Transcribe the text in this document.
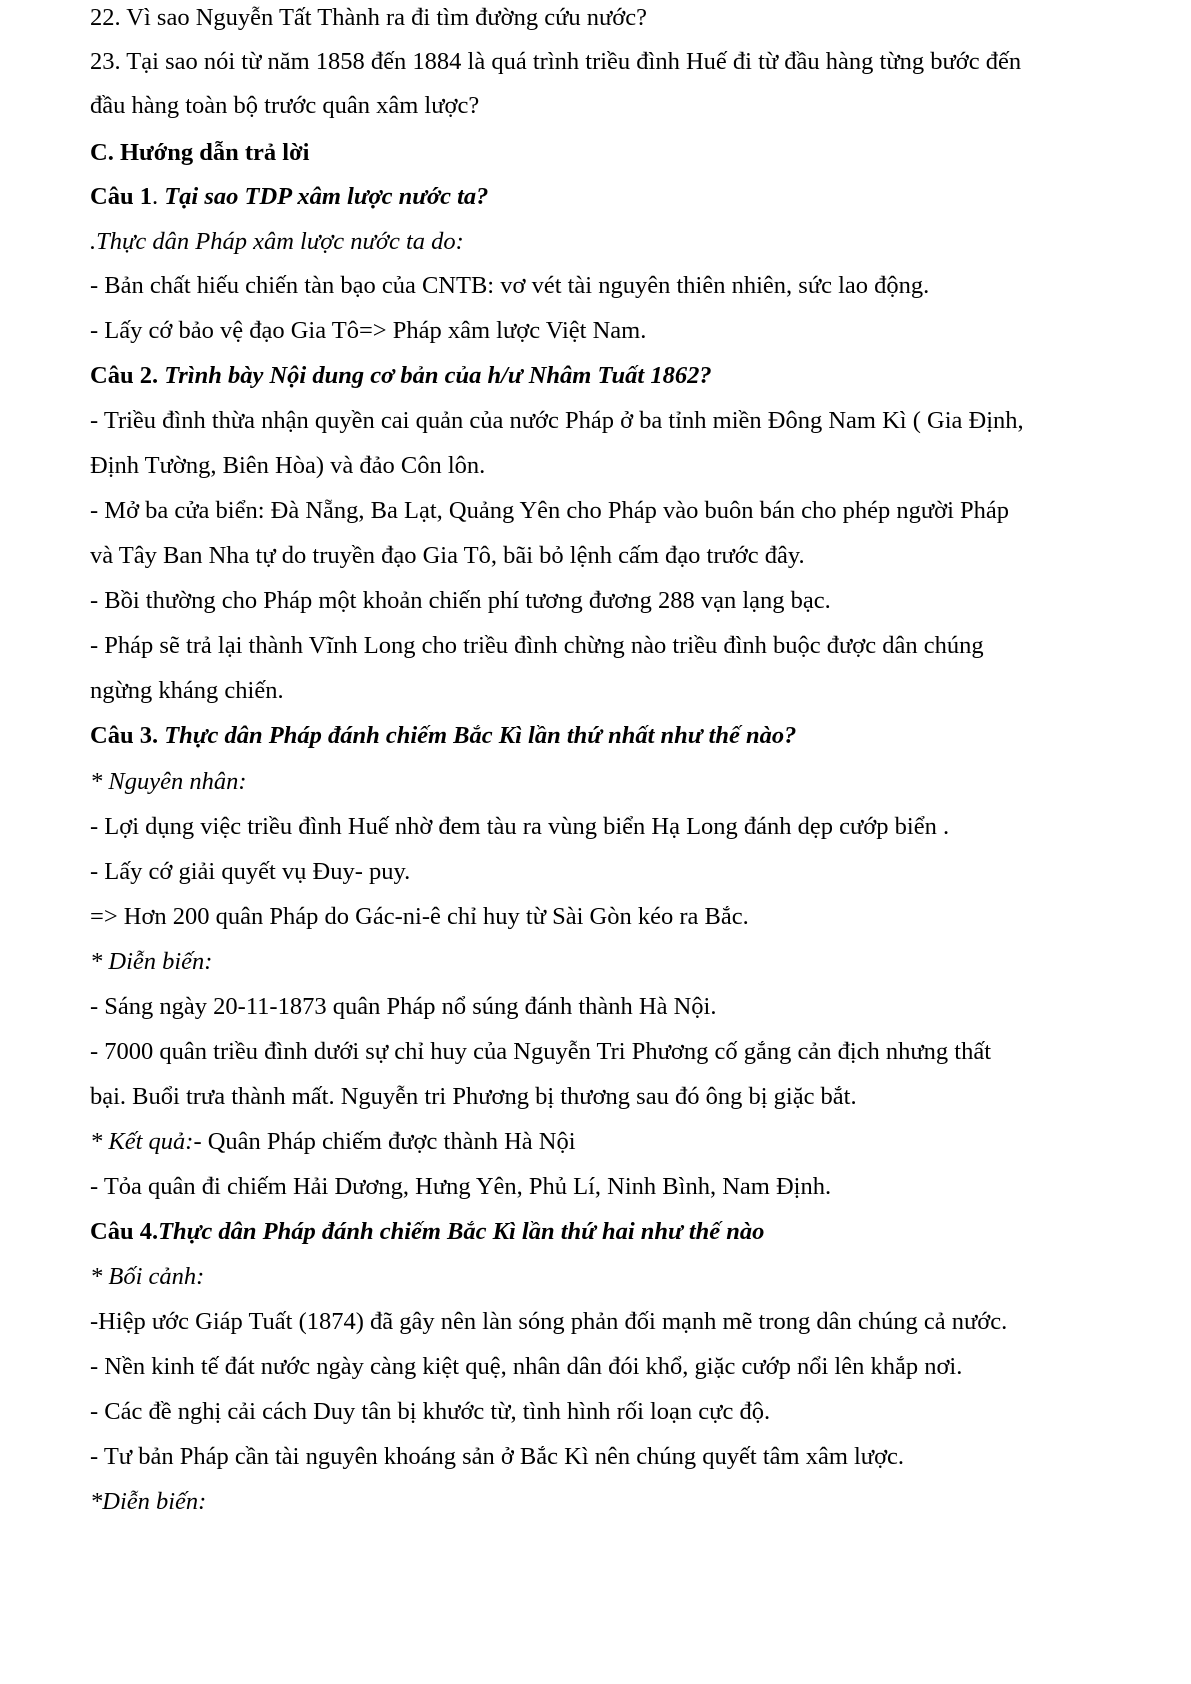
22. Vì sao Nguyễn Tất Thành ra đi tìm đường cứu nước?
23. Tại sao nói từ năm 1858 đến 1884 là quá trình triều đình Huế đi từ đầu hàng từng bước đến
đầu hàng toàn bộ trước quân xâm lược?
C. Hướng dẫn trả lời
Câu 1. Tại sao TDP xâm lược nước ta?
.Thực dân Pháp xâm lược nước ta do:
- Bản chất hiếu chiến tàn bạo của CNTB: vơ vét tài nguyên thiên nhiên, sức lao động.
- Lấy cớ bảo vệ đạo Gia Tô=> Pháp xâm lược Việt Nam.
Câu 2. Trình bày Nội dung cơ bản của h/ư Nhâm Tuất 1862?
- Triều đình thừa nhận quyền cai quản của nước Pháp ở ba tỉnh miền Đông Nam Kì ( Gia Định,
Định Tường, Biên Hòa) và đảo Côn lôn.
- Mở ba cửa biển: Đà Nẵng, Ba Lạt, Quảng Yên cho Pháp vào buôn bán cho phép người Pháp
và Tây Ban Nha tự do truyền đạo Gia Tô, bãi bỏ lệnh cấm đạo trước đây.
- Bồi thường cho Pháp một khoản chiến phí tương đương 288 vạn lạng bạc.
- Pháp sẽ trả lại thành Vĩnh Long cho triều đình chừng nào triều đình buộc được dân chúng
ngừng kháng chiến.
Câu 3. Thực dân Pháp đánh chiếm Bắc Kì lần thứ nhất như thế nào?
* Nguyên nhân:
- Lợi dụng việc triều đình Huế nhờ đem tàu ra vùng biển Hạ Long đánh dẹp cướp biển .
- Lấy cớ giải quyết vụ Đuy- puy.
=> Hơn 200 quân Pháp do Gác-ni-ê chỉ huy từ Sài Gòn kéo ra Bắc.
* Diễn biến:
- Sáng ngày 20-11-1873 quân Pháp nổ súng đánh thành Hà Nội.
- 7000 quân triều đình dưới sự chỉ huy của Nguyễn Tri Phương cố gắng cản địch nhưng thất
bại. Buổi trưa thành mất. Nguyễn tri Phương bị thương sau đó ông bị giặc bắt.
* Kết quả:- Quân Pháp chiếm được thành Hà Nội
- Tỏa quân đi chiếm Hải Dương, Hưng Yên, Phủ Lí, Ninh Bình, Nam Định.
Câu 4.Thực dân Pháp đánh chiếm Bắc Kì lần thứ hai như thế nào
* Bối cảnh:
-Hiệp ước Giáp Tuất (1874) đã gây nên làn sóng phản đối mạnh mẽ trong dân chúng cả nước.
- Nền kinh tế đát nước ngày càng kiệt quệ, nhân dân đói khổ, giặc cướp nổi lên khắp nơi.
- Các đề nghị cải cách Duy tân bị khước từ, tình hình rối loạn cực độ.
- Tư bản Pháp cần tài nguyên khoáng sản ở Bắc Kì nên chúng quyết tâm xâm lược.
*Diễn biến:
